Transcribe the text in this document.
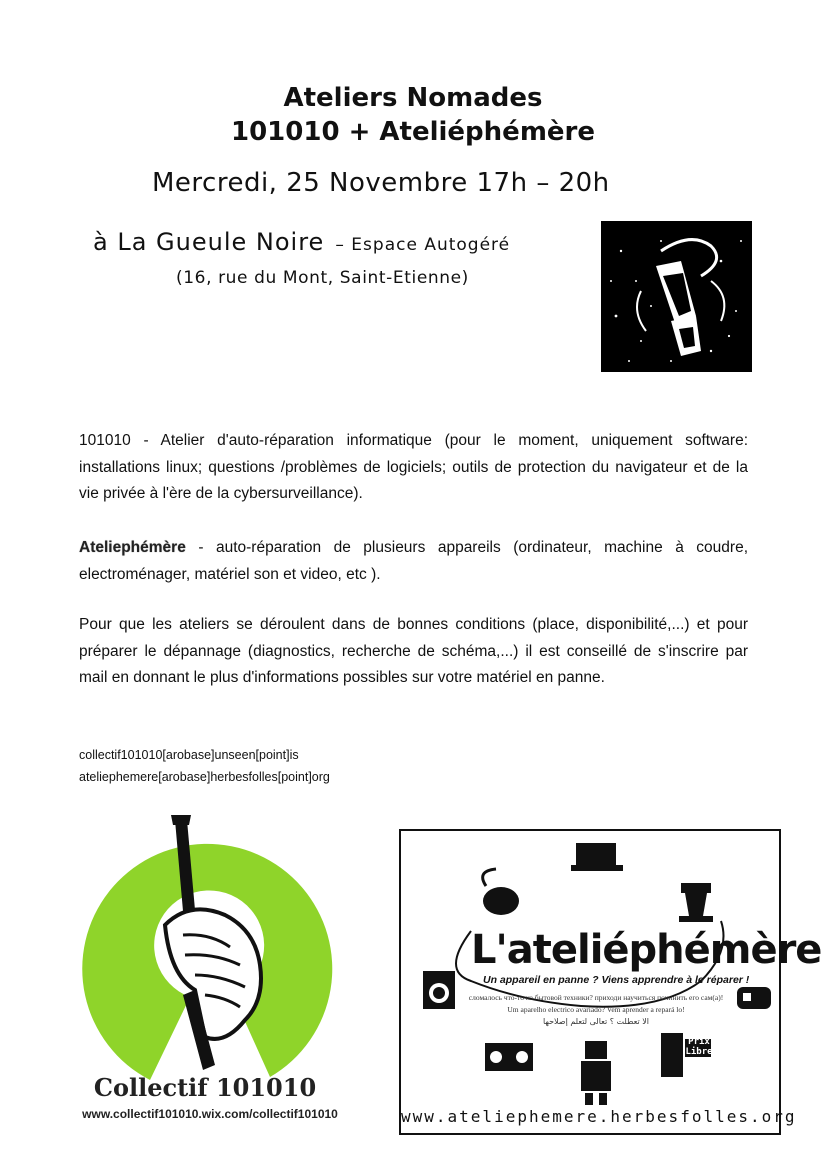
Ateliers Nomades
101010 + Ateliéphémère
Mercredi, 25 Novembre 17h – 20h
à La Gueule Noire – Espace Autogéré
(16, rue du Mont, Saint-Etienne)
101010 - Atelier d'auto-réparation informatique (pour le moment, uniquement software: installations linux; questions /problèmes de logiciels; outils de protection du navigateur et de la vie privée à l'ère de la cybersurveillance).
Ateliephémère - auto-réparation de plusieurs appareils (ordinateur, machine à coudre, electroménager, matériel son et video, etc ).
Pour que les ateliers se déroulent dans de bonnes conditions (place, disponibilité,...) et pour préparer le dépannage (diagnostics, recherche de schéma,...) il est conseillé de s'inscrire par mail en donnant le plus d'informations possibles sur votre matériel en panne.
collectif101010[arobase]unseen[point]is
ateliephemere[arobase]herbesfolles[point]org
Collectif 101010
www.collectif101010.wix.com/collectif101010
L'ateliéphémère
Un appareil en panne ? Viens apprendre à le réparer !
сломалось что-то из бытовой техники? приходи научиться починить его сам(а)!
Um aparelho electrico avariado? Vem aprender a repará lo!
الا تعطلت ؟ تعالى لتعلم إصلاحها
Prix Libre
www.ateliephemere.herbesfolles.org
